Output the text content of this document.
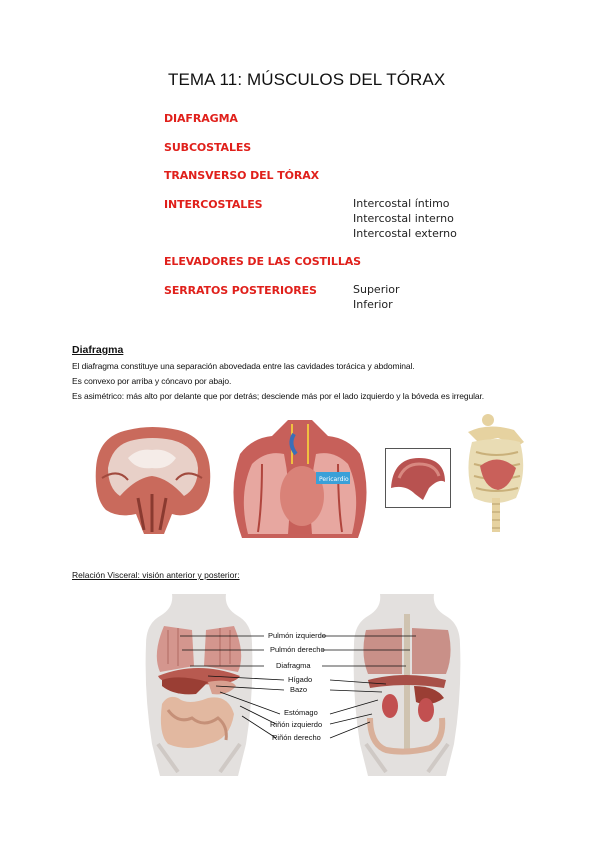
TEMA 11: MÚSCULOS DEL TÓRAX
DIAFRAGMA
SUBCOSTALES
TRANSVERSO DEL TÓRAX
INTERCOSTALES	Intercostal íntimo
Intercostal interno
Intercostal externo
ELEVADORES DE LAS COSTILLAS
SERRATOS POSTERIORES	Superior
Inferior
Diafragma
El diafragma constituye una separación abovedada entre las cavidades torácica y abdominal.
Es convexo por arriba y cóncavo por abajo.
Es asimétrico: más alto por delante que por detrás; desciende más por el lado izquierdo y la bóveda es irregular.
Pericardio
Relación Visceral: visión anterior y posterior:
Pulmón izquierdo
Pulmón derecho
Diafragma
Hígado
Bazo
Estómago
Riñón izquierdo
Riñón derecho
